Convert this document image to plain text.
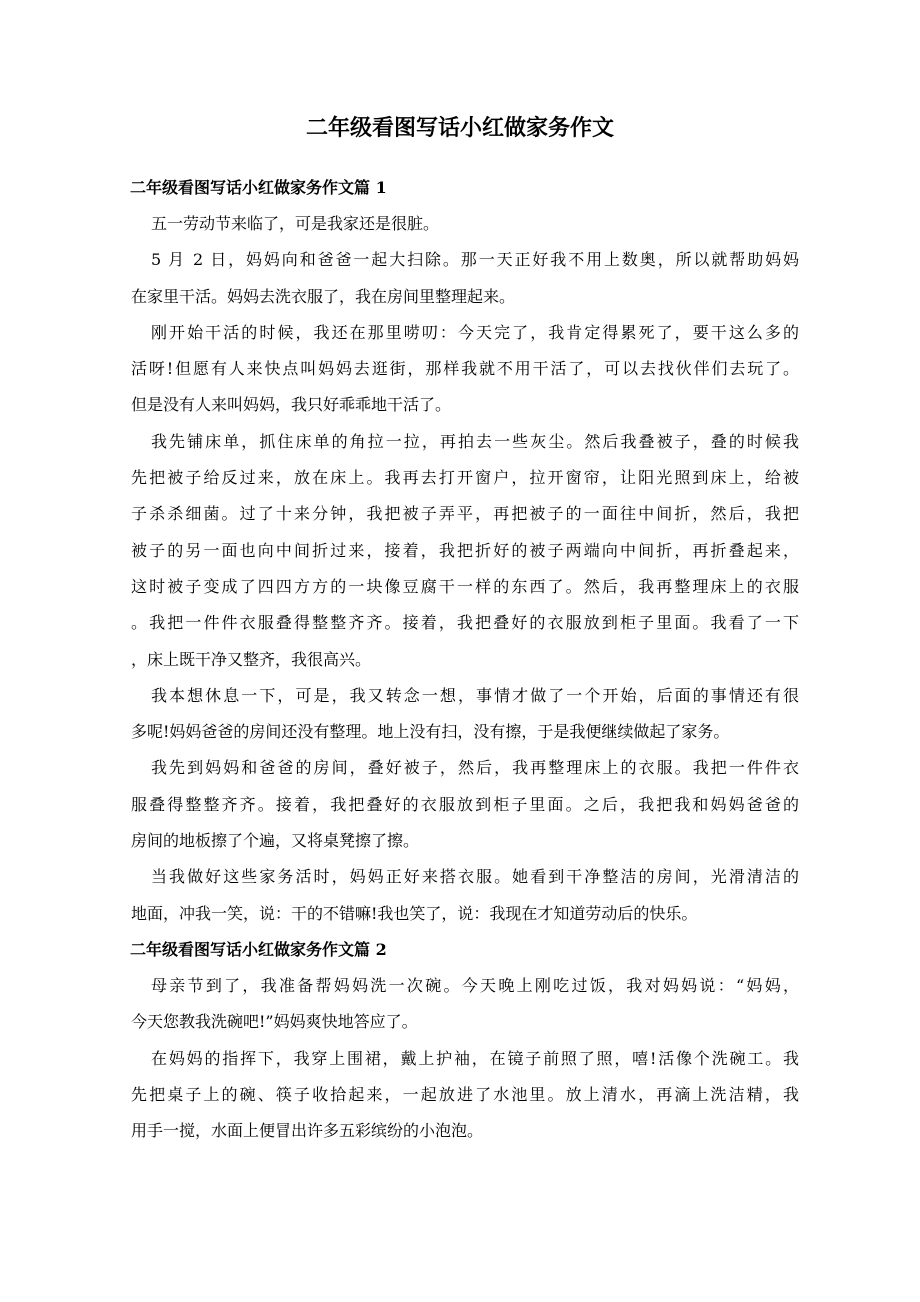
二年级看图写话小红做家务作文
二年级看图写话小红做家务作文篇 1
五一劳动节来临了，可是我家还是很脏。
5 月 2 日，妈妈向和爸爸一起大扫除。那一天正好我不用上数奥，所以就帮助妈妈
在家里干活。妈妈去洗衣服了，我在房间里整理起来。
刚开始干活的时候，我还在那里唠叨：今天完了，我肯定得累死了，要干这么多的
活呀!但愿有人来快点叫妈妈去逛街，那样我就不用干活了，可以去找伙伴们去玩了。
但是没有人来叫妈妈，我只好乖乖地干活了。
我先铺床单，抓住床单的角拉一拉，再拍去一些灰尘。然后我叠被子，叠的时候我
先把被子给反过来，放在床上。我再去打开窗户，拉开窗帘，让阳光照到床上，给被
子杀杀细菌。过了十来分钟，我把被子弄平，再把被子的一面往中间折，然后，我把
被子的另一面也向中间折过来，接着，我把折好的被子两端向中间折，再折叠起来，
这时被子变成了四四方方的一块像豆腐干一样的东西了。然后，我再整理床上的衣服
。我把一件件衣服叠得整整齐齐。接着，我把叠好的衣服放到柜子里面。我看了一下
，床上既干净又整齐，我很高兴。
我本想休息一下，可是，我又转念一想，事情才做了一个开始，后面的事情还有很
多呢!妈妈爸爸的房间还没有整理。地上没有扫，没有擦，于是我便继续做起了家务。
我先到妈妈和爸爸的房间，叠好被子，然后，我再整理床上的衣服。我把一件件衣
服叠得整整齐齐。接着，我把叠好的衣服放到柜子里面。之后，我把我和妈妈爸爸的
房间的地板擦了个遍，又将桌凳擦了擦。
当我做好这些家务活时，妈妈正好来搭衣服。她看到干净整洁的房间，光滑清洁的
地面，冲我一笑，说：干的不错嘛!我也笑了，说：我现在才知道劳动后的快乐。
二年级看图写话小红做家务作文篇 2
母亲节到了，我准备帮妈妈洗一次碗。今天晚上刚吃过饭，我对妈妈说：“妈妈，
今天您教我洗碗吧!”妈妈爽快地答应了。
在妈妈的指挥下，我穿上围裙，戴上护袖，在镜子前照了照，嘻!活像个洗碗工。我
先把桌子上的碗、筷子收拾起来，一起放进了水池里。放上清水，再滴上洗洁精，我
用手一搅，水面上便冒出许多五彩缤纷的小泡泡。
